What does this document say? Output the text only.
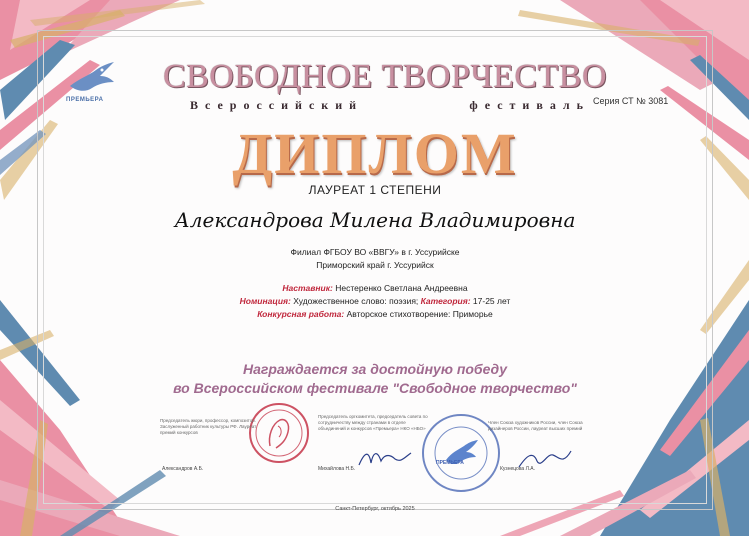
ПРЕМЬЕРА
СВОБОДНОЕ ТВОРЧЕСТВО
Всероссийский	фестиваль Серия СТ № 3081
ДИПЛОМ
ЛАУРЕАТ 1 СТЕПЕНИ
Александрова Милена Владимировна
Филиал ФГБОУ ВО «ВВГУ» в г. Уссурийске
Приморский край г. Уссурийск
Наставник: Нестеренко Светлана Андреевна
Номинация: Художественное слово: поэзия; Категория: 17-25 лет
Конкурсная работа: Авторское стихотворение: Приморье
Награждается за достойную победу
во Всероссийском фестивале "Свободное творчество"
ПРЕМЬЕРА
Председатель жюри, профессор, композитор. Заслуженный работник культуры РФ. Лауреат премий конкурсов
Александров А.Б.
Председатель оргкомитета, председатель совета по сотрудничеству между странами в отделе объединений и конкурсов «Премьера» НКО «НБО»
Михайлова Н.Б.
Член Союза художников России, член Союза дизайнеров России, лауреат высших премий
Кузнецова Л.А.
Санкт-Петербург, октябрь 2025
